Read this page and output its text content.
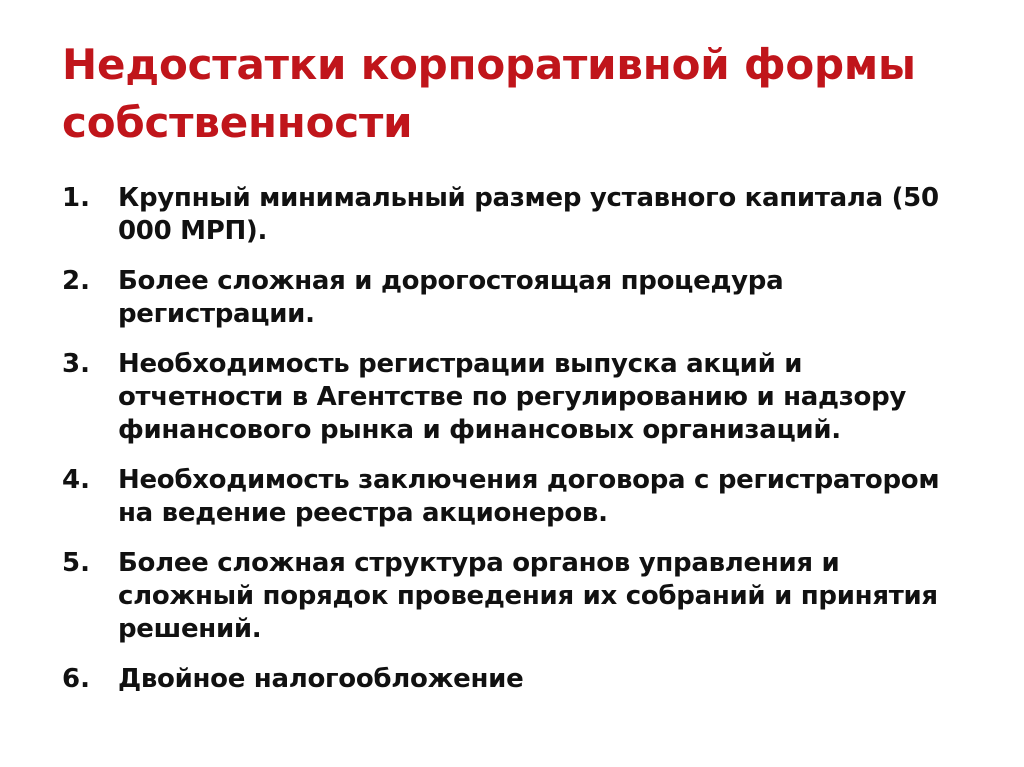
Недостатки корпоративной формы собственности
1.	Крупный минимальный размер уставного капитала (50 000 МРП).
2.	Более сложная и дорогостоящая процедура регистрации.
3.	Необходимость регистрации выпуска акций и отчетности в Агентстве по регулированию и надзору финансового рынка и финансовых организаций.
4.	Необходимость заключения договора с регистратором на ведение реестра акционеров.
5.	Более сложная структура органов управления и сложный порядок проведения их собраний и принятия решений.
6.	Двойное налогообложение
